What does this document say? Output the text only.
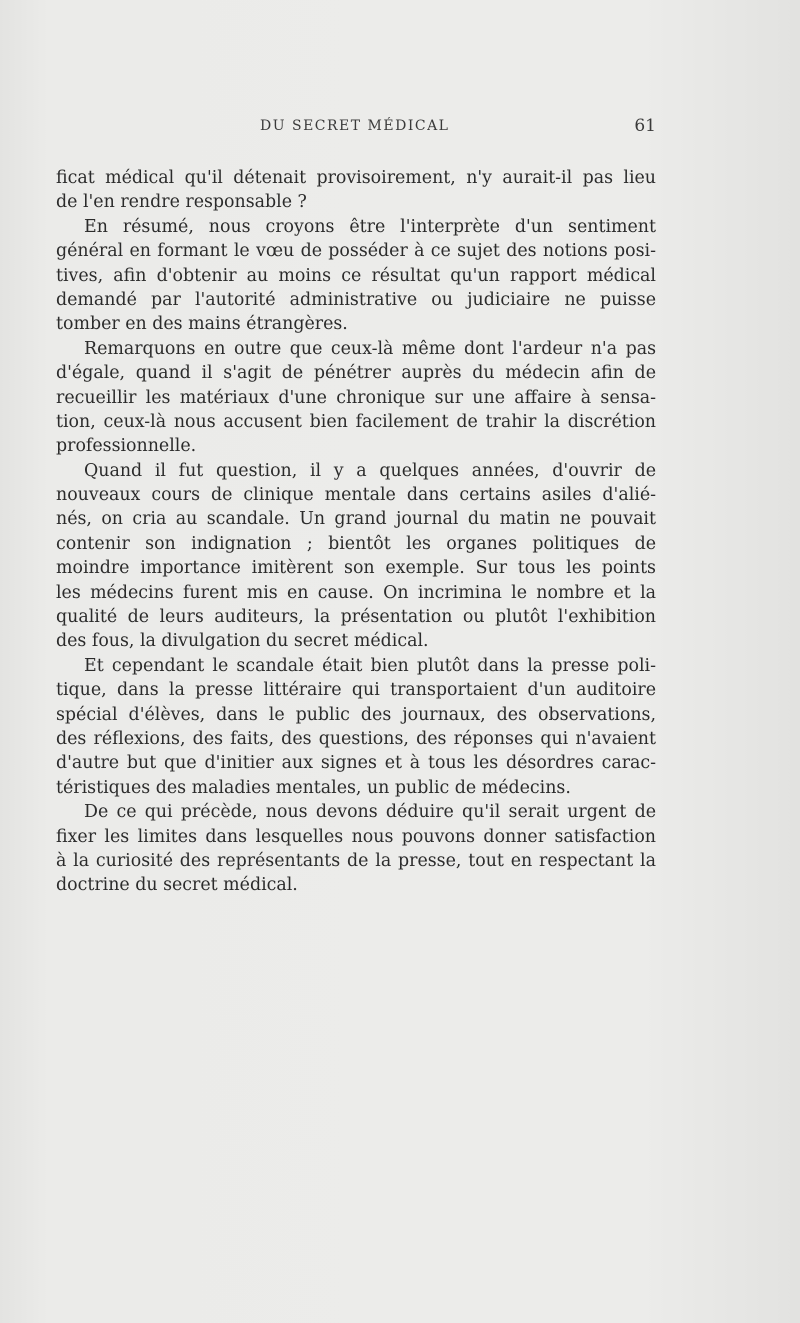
DU SECRET MÉDICAL	61
ficat médical qu'il détenait provisoirement, n'y aurait-il pas lieu
de l'en rendre responsable ?
En résumé, nous croyons être l'interprète d'un sentiment
général en formant le vœu de posséder à ce sujet des notions posi-
tives, afin d'obtenir au moins ce résultat qu'un rapport médical
demandé par l'autorité administrative ou judiciaire ne puisse
tomber en des mains étrangères.
Remarquons en outre que ceux-là même dont l'ardeur n'a pas
d'égale, quand il s'agit de pénétrer auprès du médecin afin de
recueillir les matériaux d'une chronique sur une affaire à sensa-
tion, ceux-là nous accusent bien facilement de trahir la discrétion
professionnelle.
Quand il fut question, il y a quelques années, d'ouvrir de
nouveaux cours de clinique mentale dans certains asiles d'alié-
nés, on cria au scandale. Un grand journal du matin ne pouvait
contenir son indignation ; bientôt les organes politiques de
moindre importance imitèrent son exemple. Sur tous les points
les médecins furent mis en cause. On incrimina le nombre et la
qualité de leurs auditeurs, la présentation ou plutôt l'exhibition
des fous, la divulgation du secret médical.
Et cependant le scandale était bien plutôt dans la presse poli-
tique, dans la presse littéraire qui transportaient d'un auditoire
spécial d'élèves, dans le public des journaux, des observations,
des réflexions, des faits, des questions, des réponses qui n'avaient
d'autre but que d'initier aux signes et à tous les désordres carac-
téristiques des maladies mentales, un public de médecins.
De ce qui précède, nous devons déduire qu'il serait urgent de
fixer les limites dans lesquelles nous pouvons donner satisfaction
à la curiosité des représentants de la presse, tout en respectant la
doctrine du secret médical.
